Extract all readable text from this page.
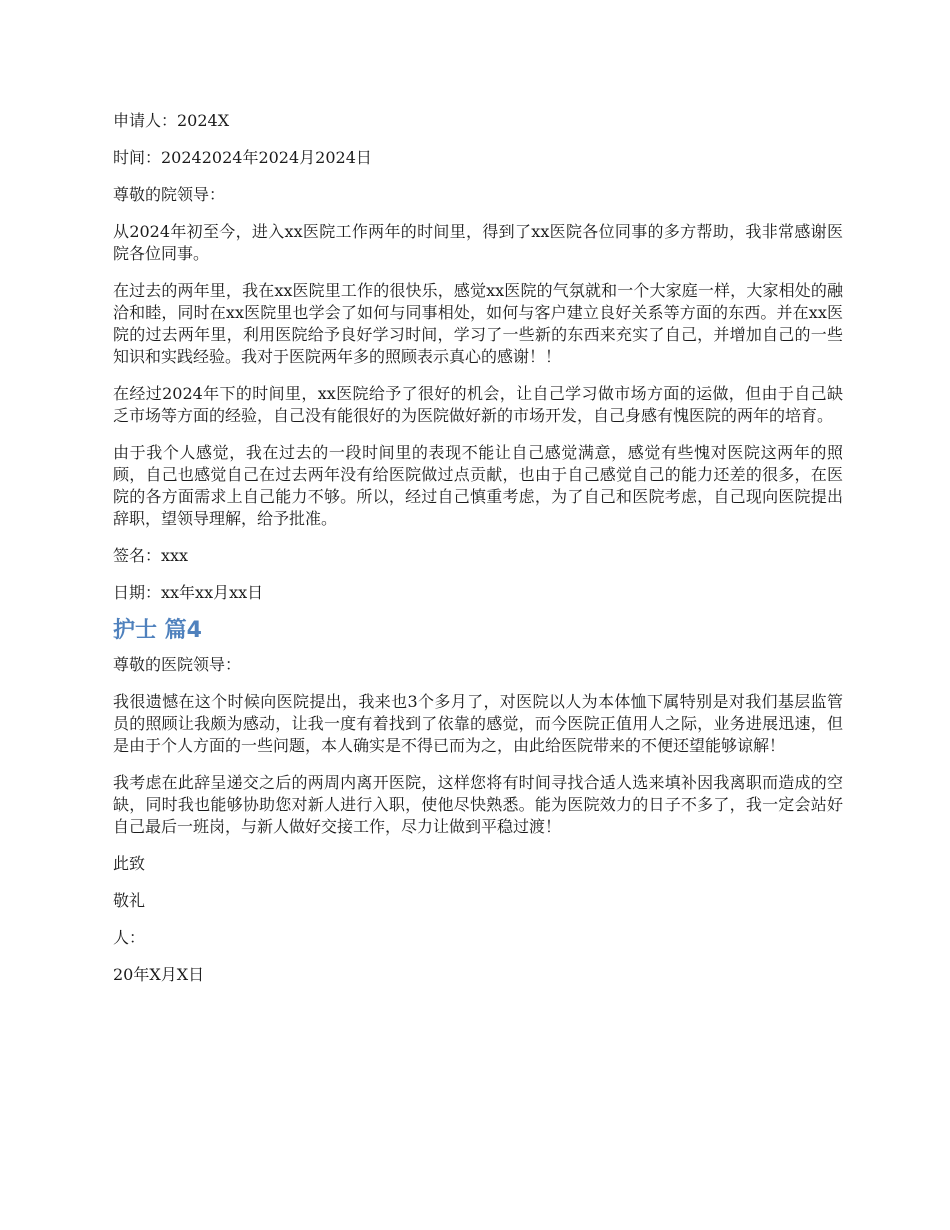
申请人：2024X

时间：20242024年2024月2024日

尊敬的院领导：

从2024年初至今，进入xx医院工作两年的时间里，得到了xx医院各位同事的多方帮助，我非常感谢医院各位同事。

在过去的两年里，我在xx医院里工作的很快乐，感觉xx医院的气氛就和一个大家庭一样，大家相处的融洽和睦，同时在xx医院里也学会了如何与同事相处，如何与客户建立良好关系等方面的东西。并在xx医院的过去两年里，利用医院给予良好学习时间，学习了一些新的东西来充实了自己，并增加自己的一些知识和实践经验。我对于医院两年多的照顾表示真心的感谢！！

在经过2024年下的时间里，xx医院给予了很好的机会，让自己学习做市场方面的运做，但由于自己缺乏市场等方面的经验，自己没有能很好的为医院做好新的市场开发，自己身感有愧医院的两年的培育。

由于我个人感觉，我在过去的一段时间里的表现不能让自己感觉满意，感觉有些愧对医院这两年的照顾，自己也感觉自己在过去两年没有给医院做过点贡献，也由于自己感觉自己的能力还差的很多，在医院的各方面需求上自己能力不够。所以，经过自己慎重考虑，为了自己和医院考虑，自己现向医院提出辞职，望领导理解，给予批准。

签名：xxx

日期：xx年xx月xx日

护士 篇4

尊敬的医院领导：

我很遗憾在这个时候向医院提出，我来也3个多月了，对医院以人为本体恤下属特别是对我们基层监管员的照顾让我颇为感动，让我一度有着找到了依靠的感觉，而今医院正值用人之际，业务进展迅速，但是由于个人方面的一些问题，本人确实是不得已而为之，由此给医院带来的不便还望能够谅解！

我考虑在此辞呈递交之后的两周内离开医院，这样您将有时间寻找合适人选来填补因我离职而造成的空缺，同时我也能够协助您对新人进行入职，使他尽快熟悉。能为医院效力的日子不多了，我一定会站好自己最后一班岗，与新人做好交接工作，尽力让做到平稳过渡！

此致

敬礼

人：

20年X月X日
